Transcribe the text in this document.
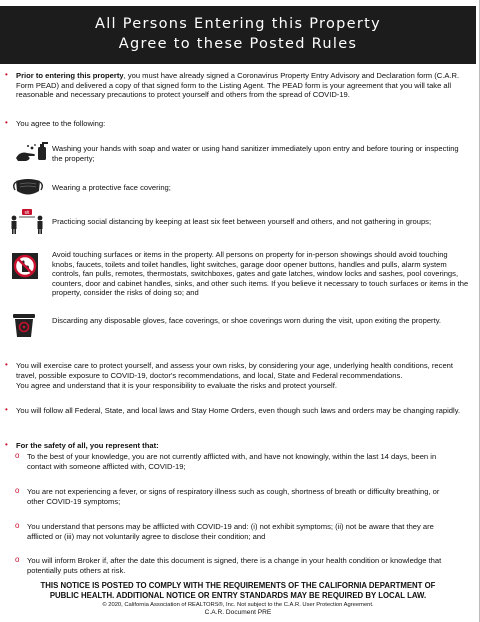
All Persons Entering this Property
Agree to these Posted Rules
• Prior to entering this property, you must have already signed a Coronavirus Property Entry Advisory and Declaration form (C.A.R. Form PEAD) and delivered a copy of that signed form to the Listing Agent. The PEAD form is your agreement that you will take all reasonable and necessary precautions to protect yourself and others from the spread of COVID-19.

• You agree to the following:

Washing your hands with soap and water or using hand sanitizer immediately upon entry and before touring or inspecting the property;

Wearing a protective face covering;

6ft

Practicing social distancing by keeping at least six feet between yourself and others, and not gathering in groups;

Avoid touching surfaces or items in the property. All persons on property for in-person showings should avoid touching knobs, faucets, toilets and toilet handles, light switches, garage door opener buttons, handles and pulls, alarm system controls, fan pulls, remotes, thermostats, switchboxes, gates and gate latches, window locks and sashes, pool coverings, counters, door and cabinet handles, sinks, and other such items. If you believe it necessary to touch surfaces or items in the property, consider the risks of doing so; and

Discarding any disposable gloves, face coverings, or shoe coverings worn during the visit, upon exiting the property.

• You will exercise care to protect yourself, and assess your own risks, by considering your age, underlying health conditions, recent travel, possible exposure to COVID-19, doctor's recommendations, and local, State and Federal recommendations.

You agree and understand that it is your responsibility to evaluate the risks and protect yourself.

• You will follow all Federal, State, and local laws and Stay Home Orders, even though such laws and orders may be changing rapidly.

• For the safety of all, you represent that:

o To the best of your knowledge, you are not currently afflicted with, and have not knowingly, within the last 14 days, been in contact with someone afflicted with, COVID-19;

o You are not experiencing a fever, or signs of respiratory illness such as cough, shortness of breath or difficulty breathing, or other COVID-19 symptoms;

o You understand that persons may be afflicted with COVID-19 and: (i) not exhibit symptoms; (ii) not be aware that they are afflicted or (iii) may not voluntarily agree to disclose their condition; and

o You will inform Broker if, after the date this document is signed, there is a change in your health condition or knowledge that potentially puts others at risk.

THIS NOTICE IS POSTED TO COMPLY WITH THE REQUIREMENTS OF THE CALIFORNIA DEPARTMENT OF
PUBLIC HEALTH. ADDITIONAL NOTICE OR ENTRY STANDARDS MAY BE REQUIRED BY LOCAL LAW.
© 2020, California Association of REALTORS®, Inc. Not subject to the C.A.R. User Protection Agreement.
C.A.R. Document PRE
